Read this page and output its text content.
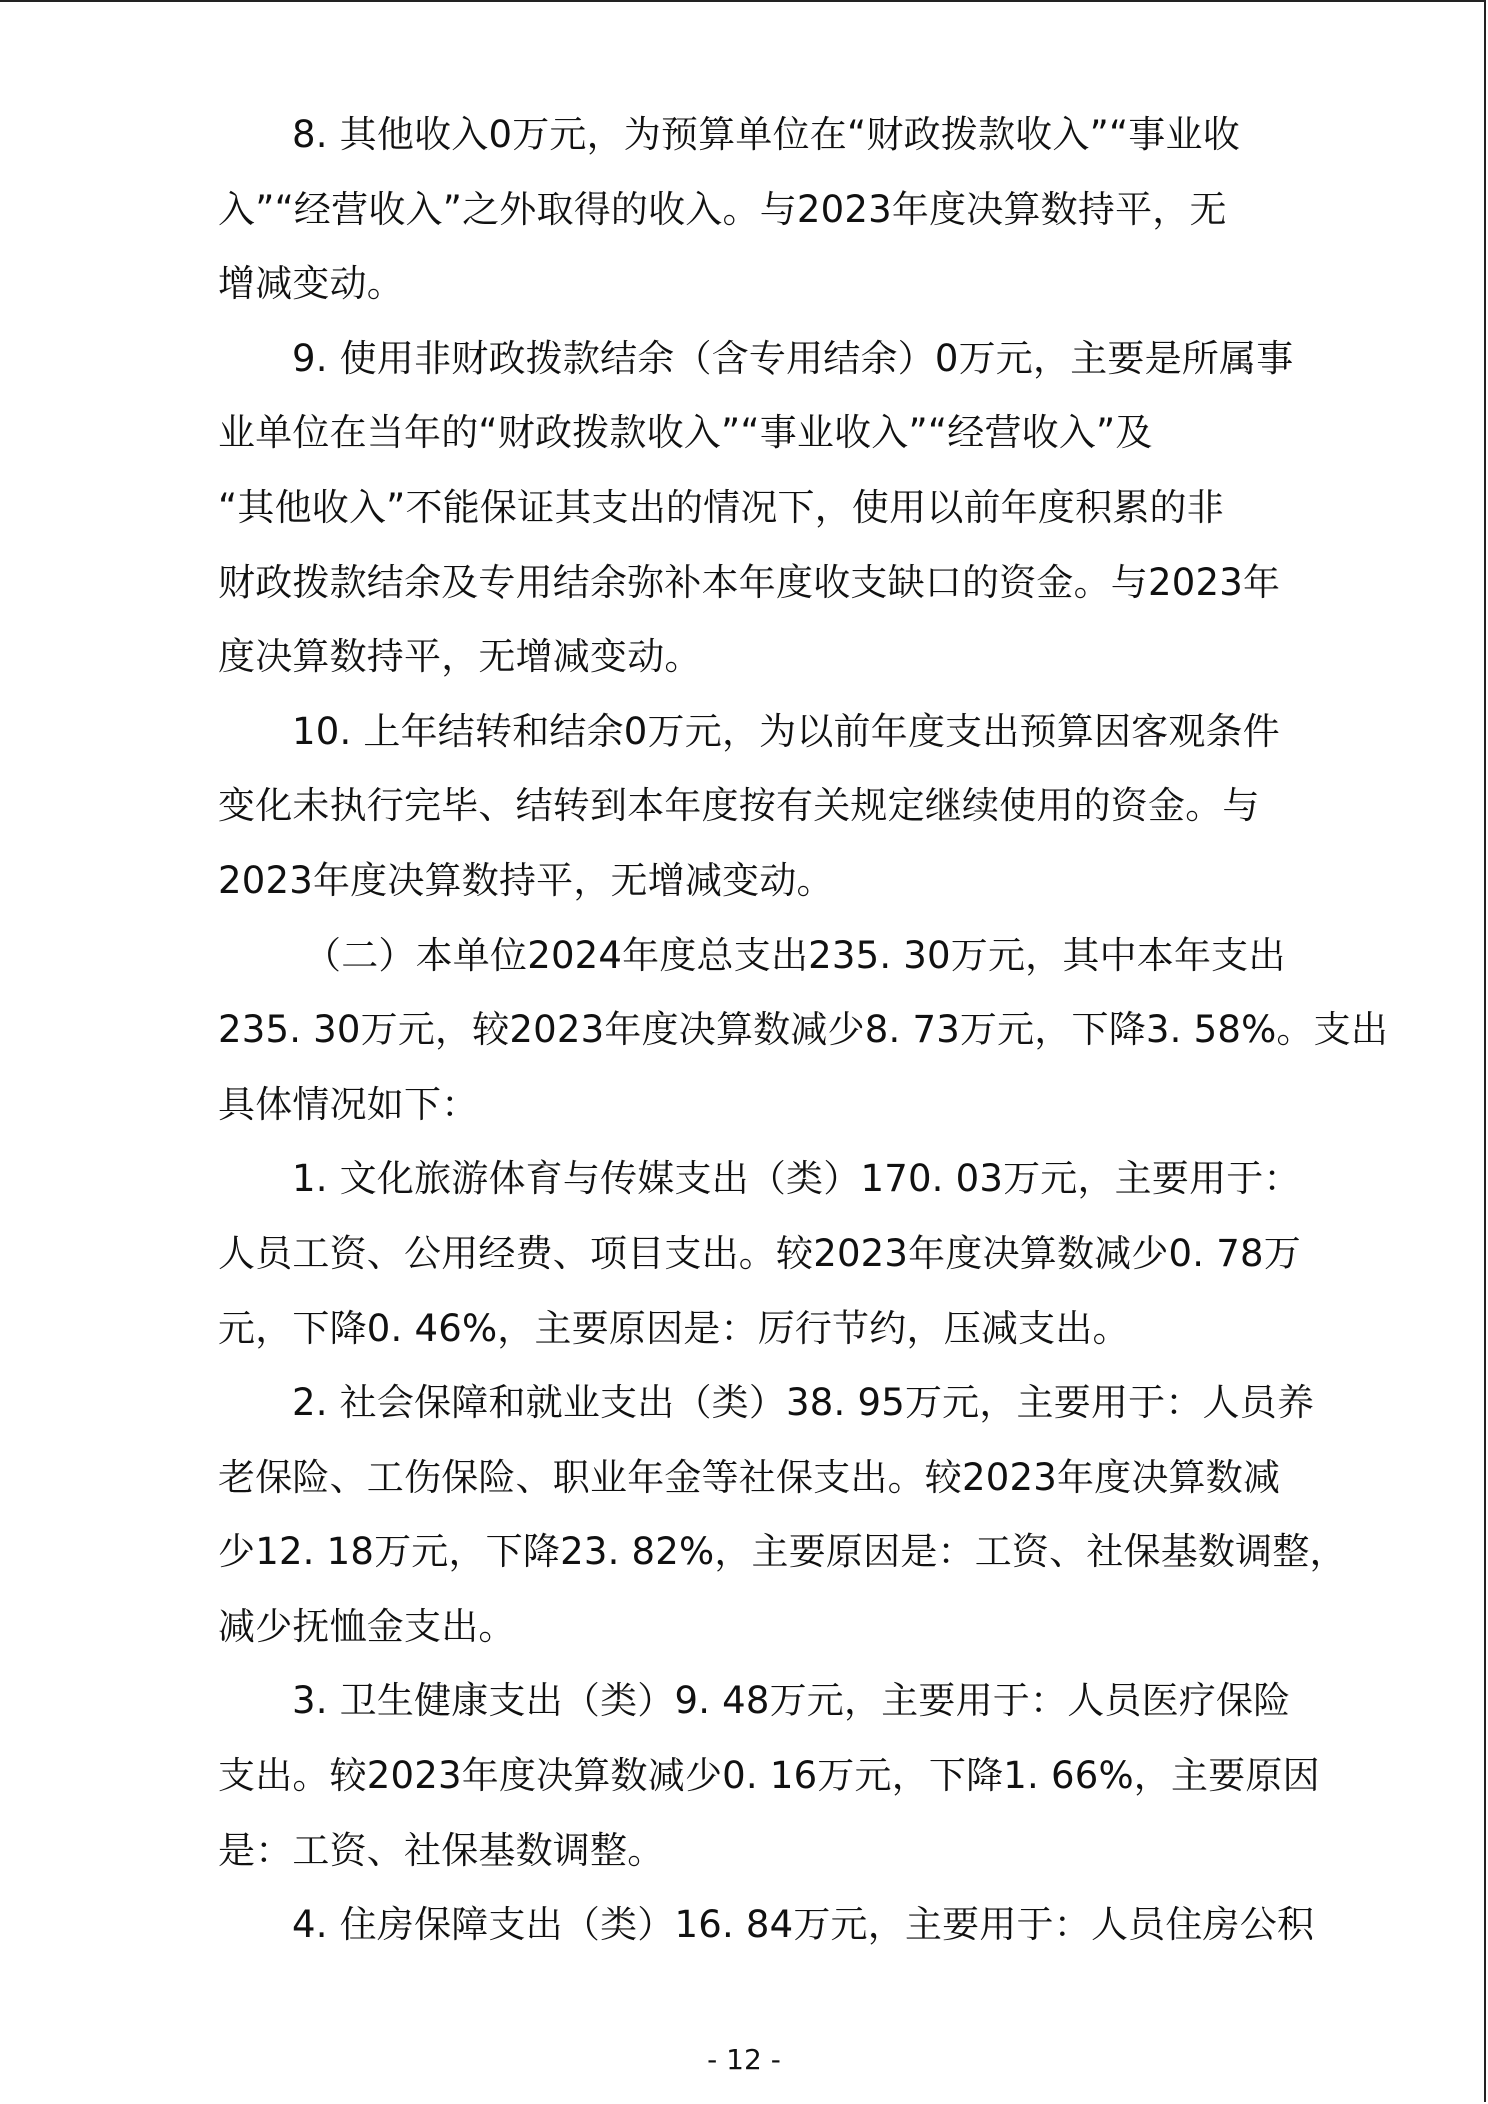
8. 其他收入0万元，为预算单位在“财政拨款收入”“事业收
入”“经营收入”之外取得的收入。与2023年度决算数持平，无
增减变动。
9. 使用非财政拨款结余（含专用结余）0万元，主要是所属事
业单位在当年的“财政拨款收入”“事业收入”“经营收入”及
“其他收入”不能保证其支出的情况下，使用以前年度积累的非
财政拨款结余及专用结余弥补本年度收支缺口的资金。与2023年
度决算数持平，无增减变动。
10. 上年结转和结余0万元，为以前年度支出预算因客观条件
变化未执行完毕、结转到本年度按有关规定继续使用的资金。与
2023年度决算数持平，无增减变动。
（二）本单位2024年度总支出235. 30万元，其中本年支出
235. 30万元，较2023年度决算数减少8. 73万元，下降3. 58%。支出
具体情况如下：
1. 文化旅游体育与传媒支出（类）170. 03万元，主要用于：
人员工资、公用经费、项目支出。较2023年度决算数减少0. 78万
元，下降0. 46%，主要原因是：厉行节约，压减支出。
2. 社会保障和就业支出（类）38. 95万元，主要用于：人员养
老保险、工伤保险、职业年金等社保支出。较2023年度决算数减
少12. 18万元，下降23. 82%，主要原因是：工资、社保基数调整，
减少抚恤金支出。
3. 卫生健康支出（类）9. 48万元，主要用于：人员医疗保险
支出。较2023年度决算数减少0. 16万元，下降1. 66%，主要原因
是：工资、社保基数调整。
4. 住房保障支出（类）16. 84万元，主要用于：人员住房公积
- 12 -
